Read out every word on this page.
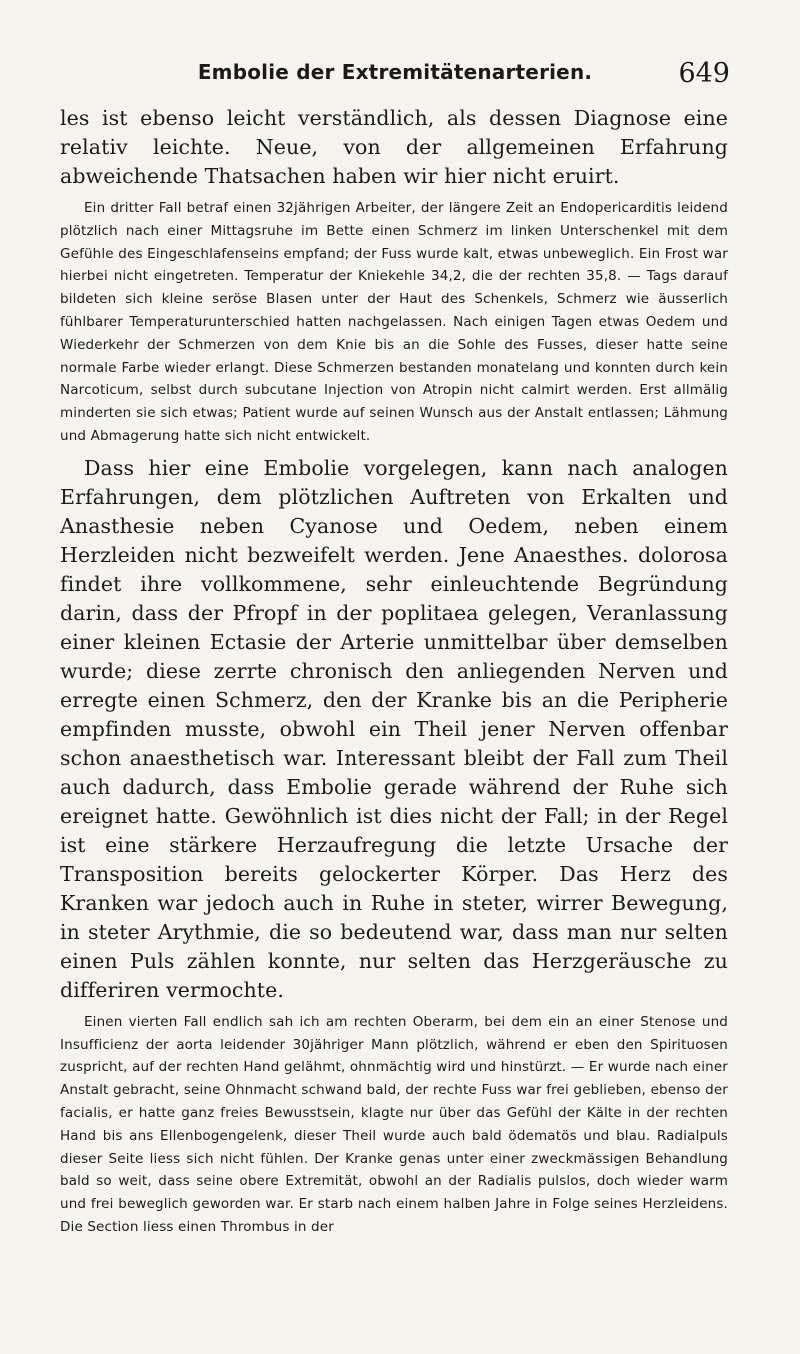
Embolie der Extremitätenarterien.	649

les ist ebenso leicht verständlich, als dessen Diagnose eine relativ leichte. Neue, von der allgemeinen Erfahrung abweichende Thatsachen haben wir hier nicht eruirt.

Ein dritter Fall betraf einen 32jährigen Arbeiter, der längere Zeit an Endopericarditis leidend plötzlich nach einer Mittagsruhe im Bette einen Schmerz im linken Unterschenkel mit dem Gefühle des Eingeschlafenseins empfand; der Fuss wurde kalt, etwas unbeweglich. Ein Frost war hierbei nicht eingetreten. Temperatur der Kniekehle 34,2, die der rechten 35,8. — Tags darauf bildeten sich kleine seröse Blasen unter der Haut des Schenkels, Schmerz wie äusserlich fühlbarer Temperaturunterschied hatten nachgelassen. Nach einigen Tagen etwas Oedem und Wiederkehr der Schmerzen von dem Knie bis an die Sohle des Fusses, dieser hatte seine normale Farbe wieder erlangt. Diese Schmerzen bestanden monatelang und konnten durch kein Narcoticum, selbst durch subcutane Injection von Atropin nicht calmirt werden. Erst allmälig minderten sie sich etwas; Patient wurde auf seinen Wunsch aus der Anstalt entlassen; Lähmung und Abmagerung hatte sich nicht entwickelt.

Dass hier eine Embolie vorgelegen, kann nach analogen Erfahrungen, dem plötzlichen Auftreten von Erkalten und Anasthesie neben Cyanose und Oedem, neben einem Herzleiden nicht bezweifelt werden. Jene Anaesthes. dolorosa findet ihre vollkommene, sehr einleuchtende Begründung darin, dass der Pfropf in der poplitaea gelegen, Veranlassung einer kleinen Ectasie der Arterie unmittelbar über demselben wurde; diese zerrte chronisch den anliegenden Nerven und erregte einen Schmerz, den der Kranke bis an die Peripherie empfinden musste, obwohl ein Theil jener Nerven offenbar schon anaesthetisch war. Interessant bleibt der Fall zum Theil auch dadurch, dass Embolie gerade während der Ruhe sich ereignet hatte. Gewöhnlich ist dies nicht der Fall; in der Regel ist eine stärkere Herzaufregung die letzte Ursache der Transposition bereits gelockerter Körper. Das Herz des Kranken war jedoch auch in Ruhe in steter, wirrer Bewegung, in steter Arythmie, die so bedeutend war, dass man nur selten einen Puls zählen konnte, nur selten das Herzgeräusche zu differiren vermochte.

Einen vierten Fall endlich sah ich am rechten Oberarm, bei dem ein an einer Stenose und Insufficienz der aorta leidender 30jähriger Mann plötzlich, während er eben den Spirituosen zuspricht, auf der rechten Hand gelähmt, ohnmächtig wird und hinstürzt. — Er wurde nach einer Anstalt gebracht, seine Ohnmacht schwand bald, der rechte Fuss war frei geblieben, ebenso der facialis, er hatte ganz freies Bewusstsein, klagte nur über das Gefühl der Kälte in der rechten Hand bis ans Ellenbogengelenk, dieser Theil wurde auch bald ödematös und blau. Radialpuls dieser Seite liess sich nicht fühlen. Der Kranke genas unter einer zweckmässigen Behandlung bald so weit, dass seine obere Extremität, obwohl an der Radialis pulslos, doch wieder warm und frei beweglich geworden war. Er starb nach einem halben Jahre in Folge seines Herzleidens. Die Section liess einen Thrombus in der
